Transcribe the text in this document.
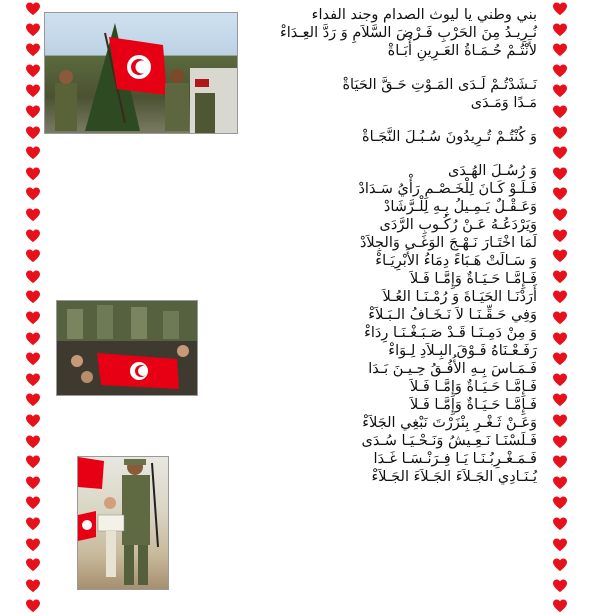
بني وطني يا ليوث الصدام وجند الفداء
نُـرِيـدُ مِنَ الحَرْبِ فَـرْضَ السَّلاَمِ وَ رَدَّ العِـدَاءْ
لأَنْتُـمْ حُـمَـاةُ العَـرِينِ أُبَـاةْ
نَـشَدْتُـمْ لَـدَى المَـوْتِ حَـقَّ الحَيَاةْ
مَـدًا وَمَـدَى
وَ كُنْتُـمْ تُـرِيدُونَ سُـبُـلَ النَّجَـاةْ
وَ رُسُـلَ الهُـدَى
فَـلَـوْ كَـانَ لِلْخَـصْـمِ رَأْيُ سَـدَادْ
وَعَـقْـلٌ يَـمِـيلُ بِـهِ لِلْـرَّشَادْ
وَيَرْدَعُـهُ عَـنْ رُكُـوبِ الرَّدَى
لَمَا اخْتَـارَ نَـهْـجَ الوَغَـى وَالجِلاَدْ
وَ سَـالَتْ هَـبَاءً دِمَاءُ الأَبْرِيَـاءْ
فَـإِمَّـا حَـيَـاةٌ وَإِمَّـا فَـلاَ
أَرَدْنَـا الحَيَـاةَ وَ رُمْـنَـا العُـلاَ
وَفِي حَـقِّـنَـا لاَ نَـخَـافُ الـبَـلاَءْ
وَ مِنْ دَمِـنَـا قَـدْ صَـبَـغْـنَـا رِدَاءْ
رَفَـعْـنَاهُ فَـوْقَ البِـلاَدِ لِـوَاءْ
فَـمَـاسَ بِـهِ الأُفُـقُ حِـيـنَ بَـدَا
فَـإِمَّـا حَـيَـاةٌ وَإِمَّـا فَـلاَ
فَـإِمَّـا حَـيَـاةٌ وَإِمَّـا فَـلاَ
وَعَـنْ ثَـغْـرِ بِنْزَرْتَ نَبْغِي الجَلاَءْ
فَـلَسْنَـا نَـعِـيشُ وَنَـحْـيَـا سُـدَى
فَـمَـغْـرِبُـنَـا يَـا فِـرَنْـسَـا غَـدَا
يُـنَـادِي الجَـلاَءَ الجَـلاَءَ الجَـلاَءْ
